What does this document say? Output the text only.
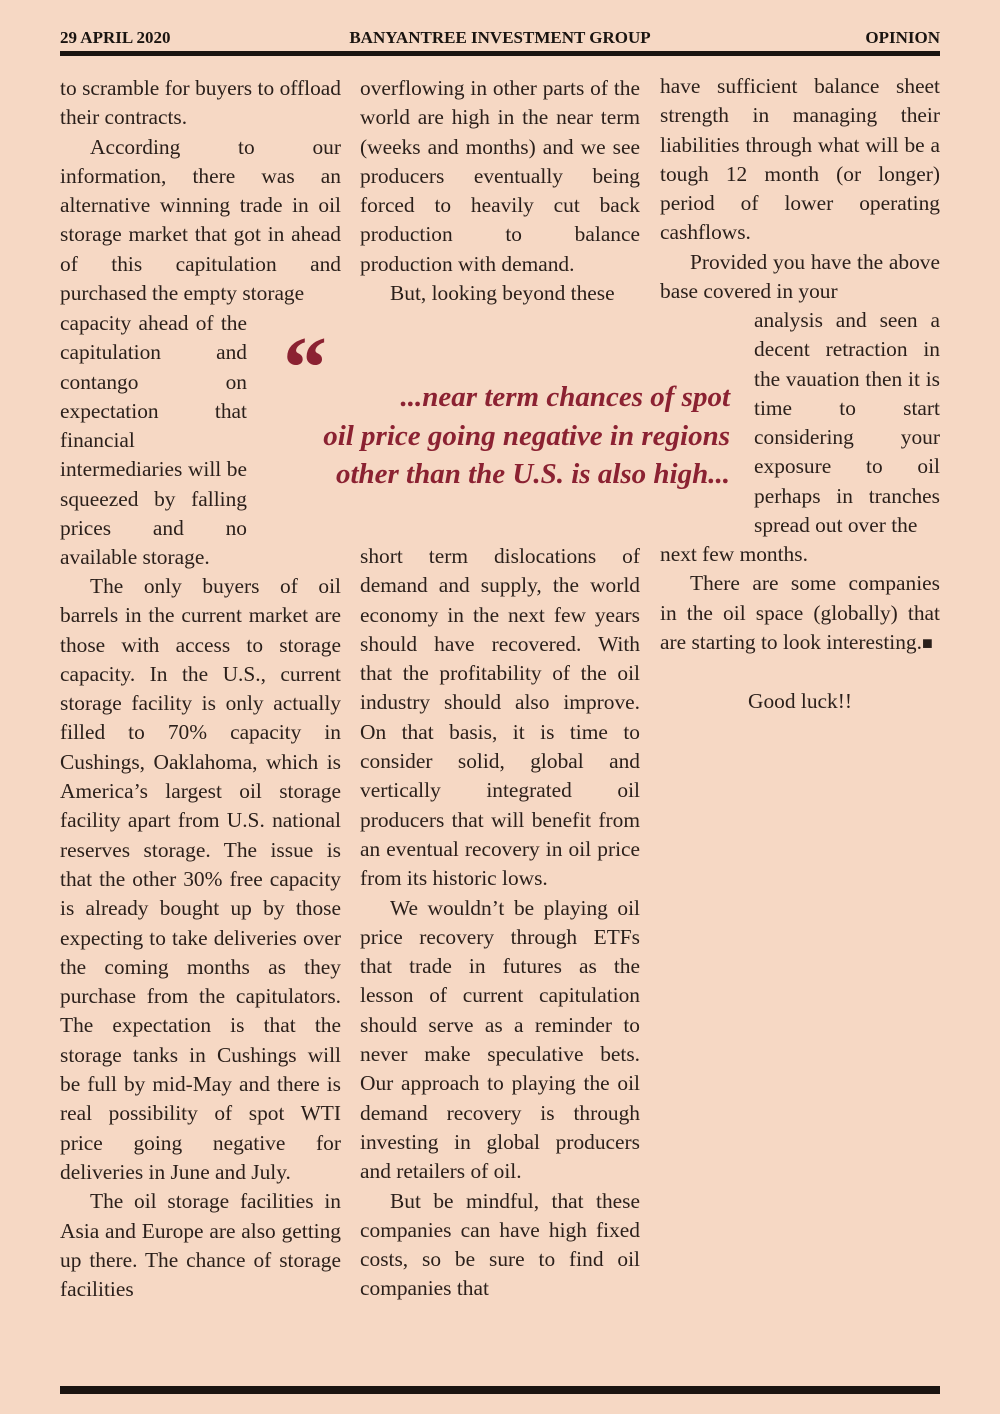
29 APRIL 2020	BANYANTREE INVESTMENT GROUP	OPINION

to scramble for buyers to offload their contracts.

According to our information, there was an alternative winning trade in oil storage market that got in ahead of this capitulation and purchased the empty storage

capacity ahead of the capitulation and contango on expectation that financial intermediaries will be squeezed by falling prices and no available storage.

The only buyers of oil barrels in the current market are those with access to storage capacity. In the U.S., current storage facility is only actually filled to 70% capacity in Cushings, Oaklahoma, which is America’s largest oil storage facility apart from U.S. national reserves storage. The issue is that the other 30% free capacity is already bought up by those expecting to take deliveries over the coming months as they purchase from the capitulators. The expectation is that the storage tanks in Cushings will be full by mid-May and there is real possibility of spot WTI price going negative for deliveries in June and July.

The oil storage facilities in Asia and Europe are also getting up there. The chance of storage facilities

overflowing in other parts of the world are high in the near term (weeks and months) and we see producers eventually being forced to heavily cut back production to balance production with demand.

But, looking beyond these

short term dislocations of demand and supply, the world economy in the next few years should have recovered. With that the profitability of the oil industry should also improve. On that basis, it is time to consider solid, global and vertically integrated oil producers that will benefit from an eventual recovery in oil price from its historic lows.

We wouldn’t be playing oil price recovery through ETFs that trade in futures as the lesson of current capitulation should serve as a reminder to never make speculative bets. Our approach to playing the oil demand recovery is through investing in global producers and retailers of oil.

But be mindful, that these companies can have high fixed costs, so be sure to find oil companies that

have sufficient balance sheet strength in managing their liabilities through what will be a tough 12 month (or longer) period of lower operating cashflows.

Provided you have the above base covered in your

analysis and seen a decent retraction in the vauation then it is time to start considering your exposure to oil perhaps in tranches spread out over the

next few months.

There are some companies in the oil space (globally) that are starting to look interesting.■

Good luck!!

“	...near term chances of spot
oil price going negative in regions
other than the U.S. is also high...
